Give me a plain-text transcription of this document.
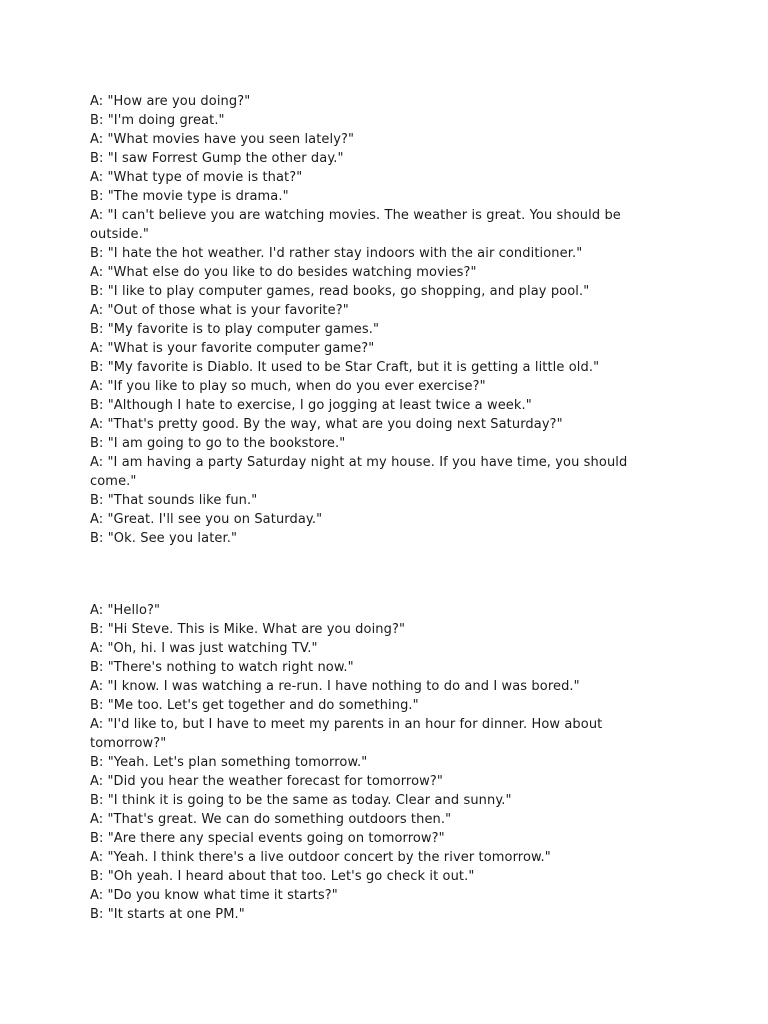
A: "How are you doing?"
B: "I'm doing great."
A: "What movies have you seen lately?"
B: "I saw Forrest Gump the other day."
A: "What type of movie is that?"
B: "The movie type is drama."
A: "I can't believe you are watching movies. The weather is great. You should be outside."
B: "I hate the hot weather. I'd rather stay indoors with the air conditioner."
A: "What else do you like to do besides watching movies?"
B: "I like to play computer games, read books, go shopping, and play pool."
A: "Out of those what is your favorite?"
B: "My favorite is to play computer games."
A: "What is your favorite computer game?"
B: "My favorite is Diablo. It used to be Star Craft, but it is getting a little old."
A: "If you like to play so much, when do you ever exercise?"
B: "Although I hate to exercise, I go jogging at least twice a week."
A: "That's pretty good. By the way, what are you doing next Saturday?"
B: "I am going to go to the bookstore."
A: "I am having a party Saturday night at my house. If you have time, you should come."
B: "That sounds like fun."
A: "Great. I'll see you on Saturday."
B: "Ok. See you later."
A: "Hello?"
B: "Hi Steve. This is Mike. What are you doing?"
A: "Oh, hi. I was just watching TV."
B: "There's nothing to watch right now."
A: "I know. I was watching a re-run. I have nothing to do and I was bored."
B: "Me too. Let's get together and do something."
A: "I'd like to, but I have to meet my parents in an hour for dinner. How about tomorrow?"
B: "Yeah. Let's plan something tomorrow."
A: "Did you hear the weather forecast for tomorrow?"
B: "I think it is going to be the same as today. Clear and sunny."
A: "That's great. We can do something outdoors then."
B: "Are there any special events going on tomorrow?"
A: "Yeah. I think there's a live outdoor concert by the river tomorrow."
B: "Oh yeah. I heard about that too. Let's go check it out."
A: "Do you know what time it starts?"
B: "It starts at one PM."
